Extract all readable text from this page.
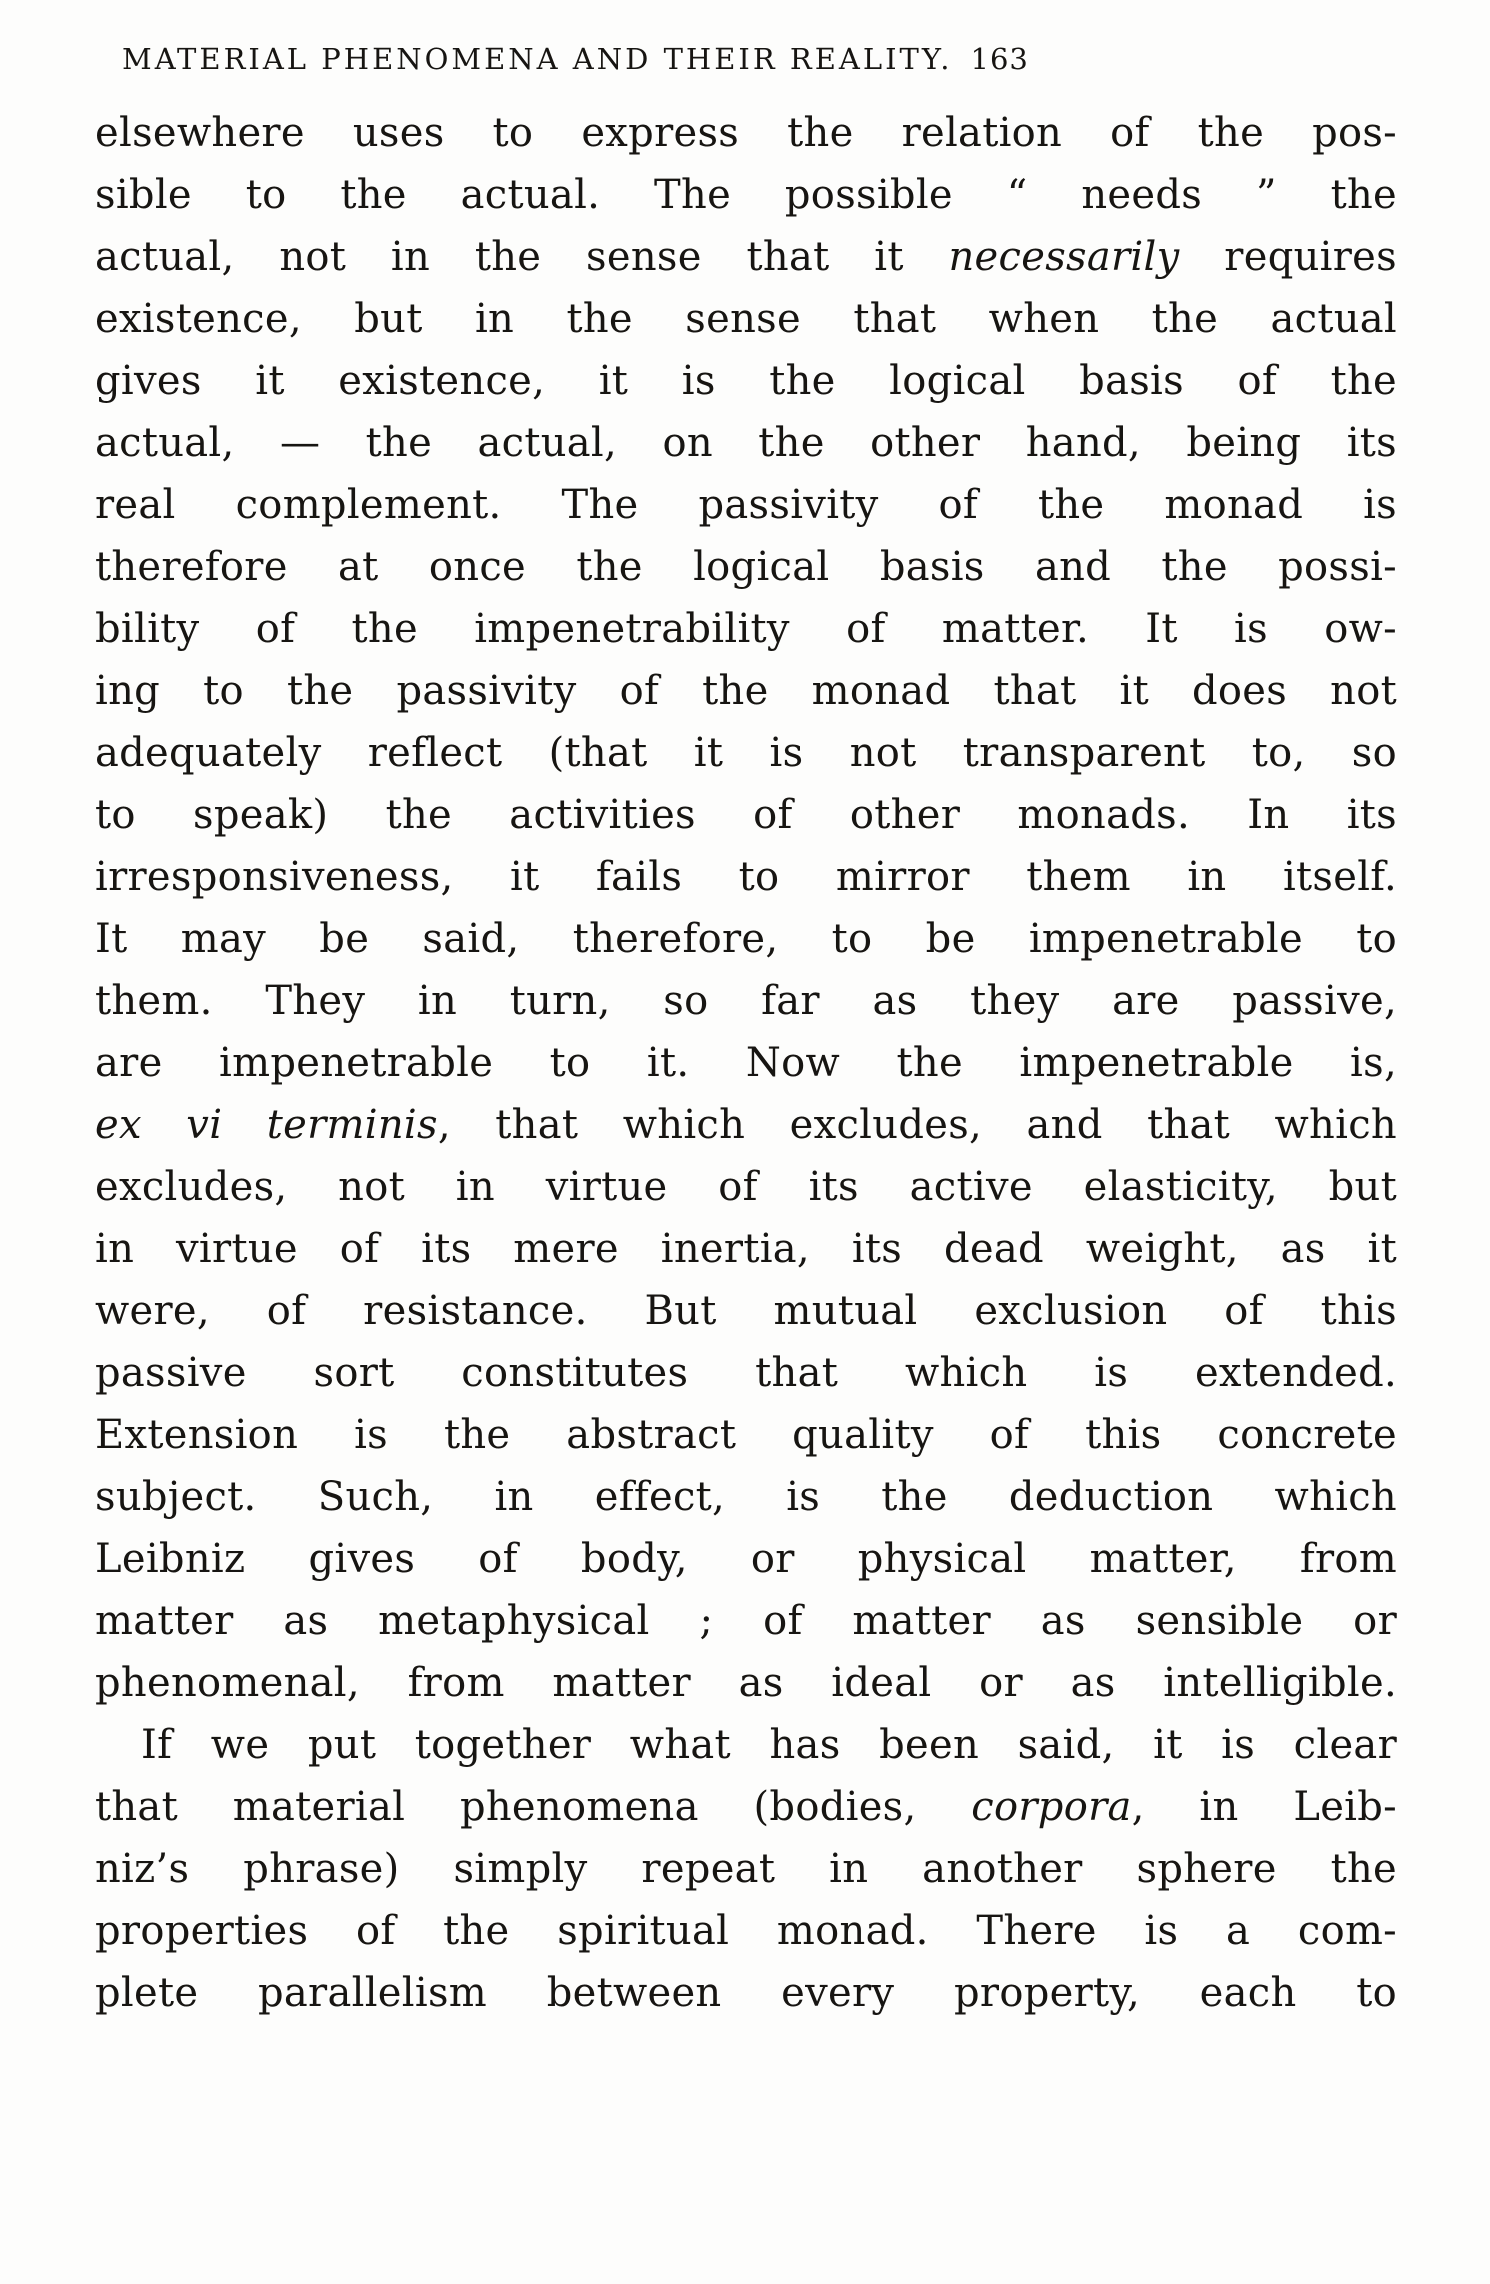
MATERIAL PHENOMENA AND THEIR REALITY. 163
elsewhere uses to express the relation of the pos-
sible to the actual. The possible “ needs ” the
actual, not in the sense that it necessarily requires
existence, but in the sense that when the actual
gives it existence, it is the logical basis of the
actual, — the actual, on the other hand, being its
real complement. The passivity of the monad is
therefore at once the logical basis and the possi-
bility of the impenetrability of matter. It is ow-
ing to the passivity of the monad that it does not
adequately reflect (that it is not transparent to, so
to speak) the activities of other monads. In its
irresponsiveness, it fails to mirror them in itself.
It may be said, therefore, to be impenetrable to
them. They in turn, so far as they are passive,
are impenetrable to it. Now the impenetrable is,
ex vi terminis, that which excludes, and that which
excludes, not in virtue of its active elasticity, but
in virtue of its mere inertia, its dead weight, as it
were, of resistance. But mutual exclusion of this
passive sort constitutes that which is extended.
Extension is the abstract quality of this concrete
subject. Such, in effect, is the deduction which
Leibniz gives of body, or physical matter, from
matter as metaphysical ; of matter as sensible or
phenomenal, from matter as ideal or as intelligible.
If we put together what has been said, it is clear
that material phenomena (bodies, corpora, in Leib-
niz’s phrase) simply repeat in another sphere the
properties of the spiritual monad. There is a com-
plete parallelism between every property, each to
